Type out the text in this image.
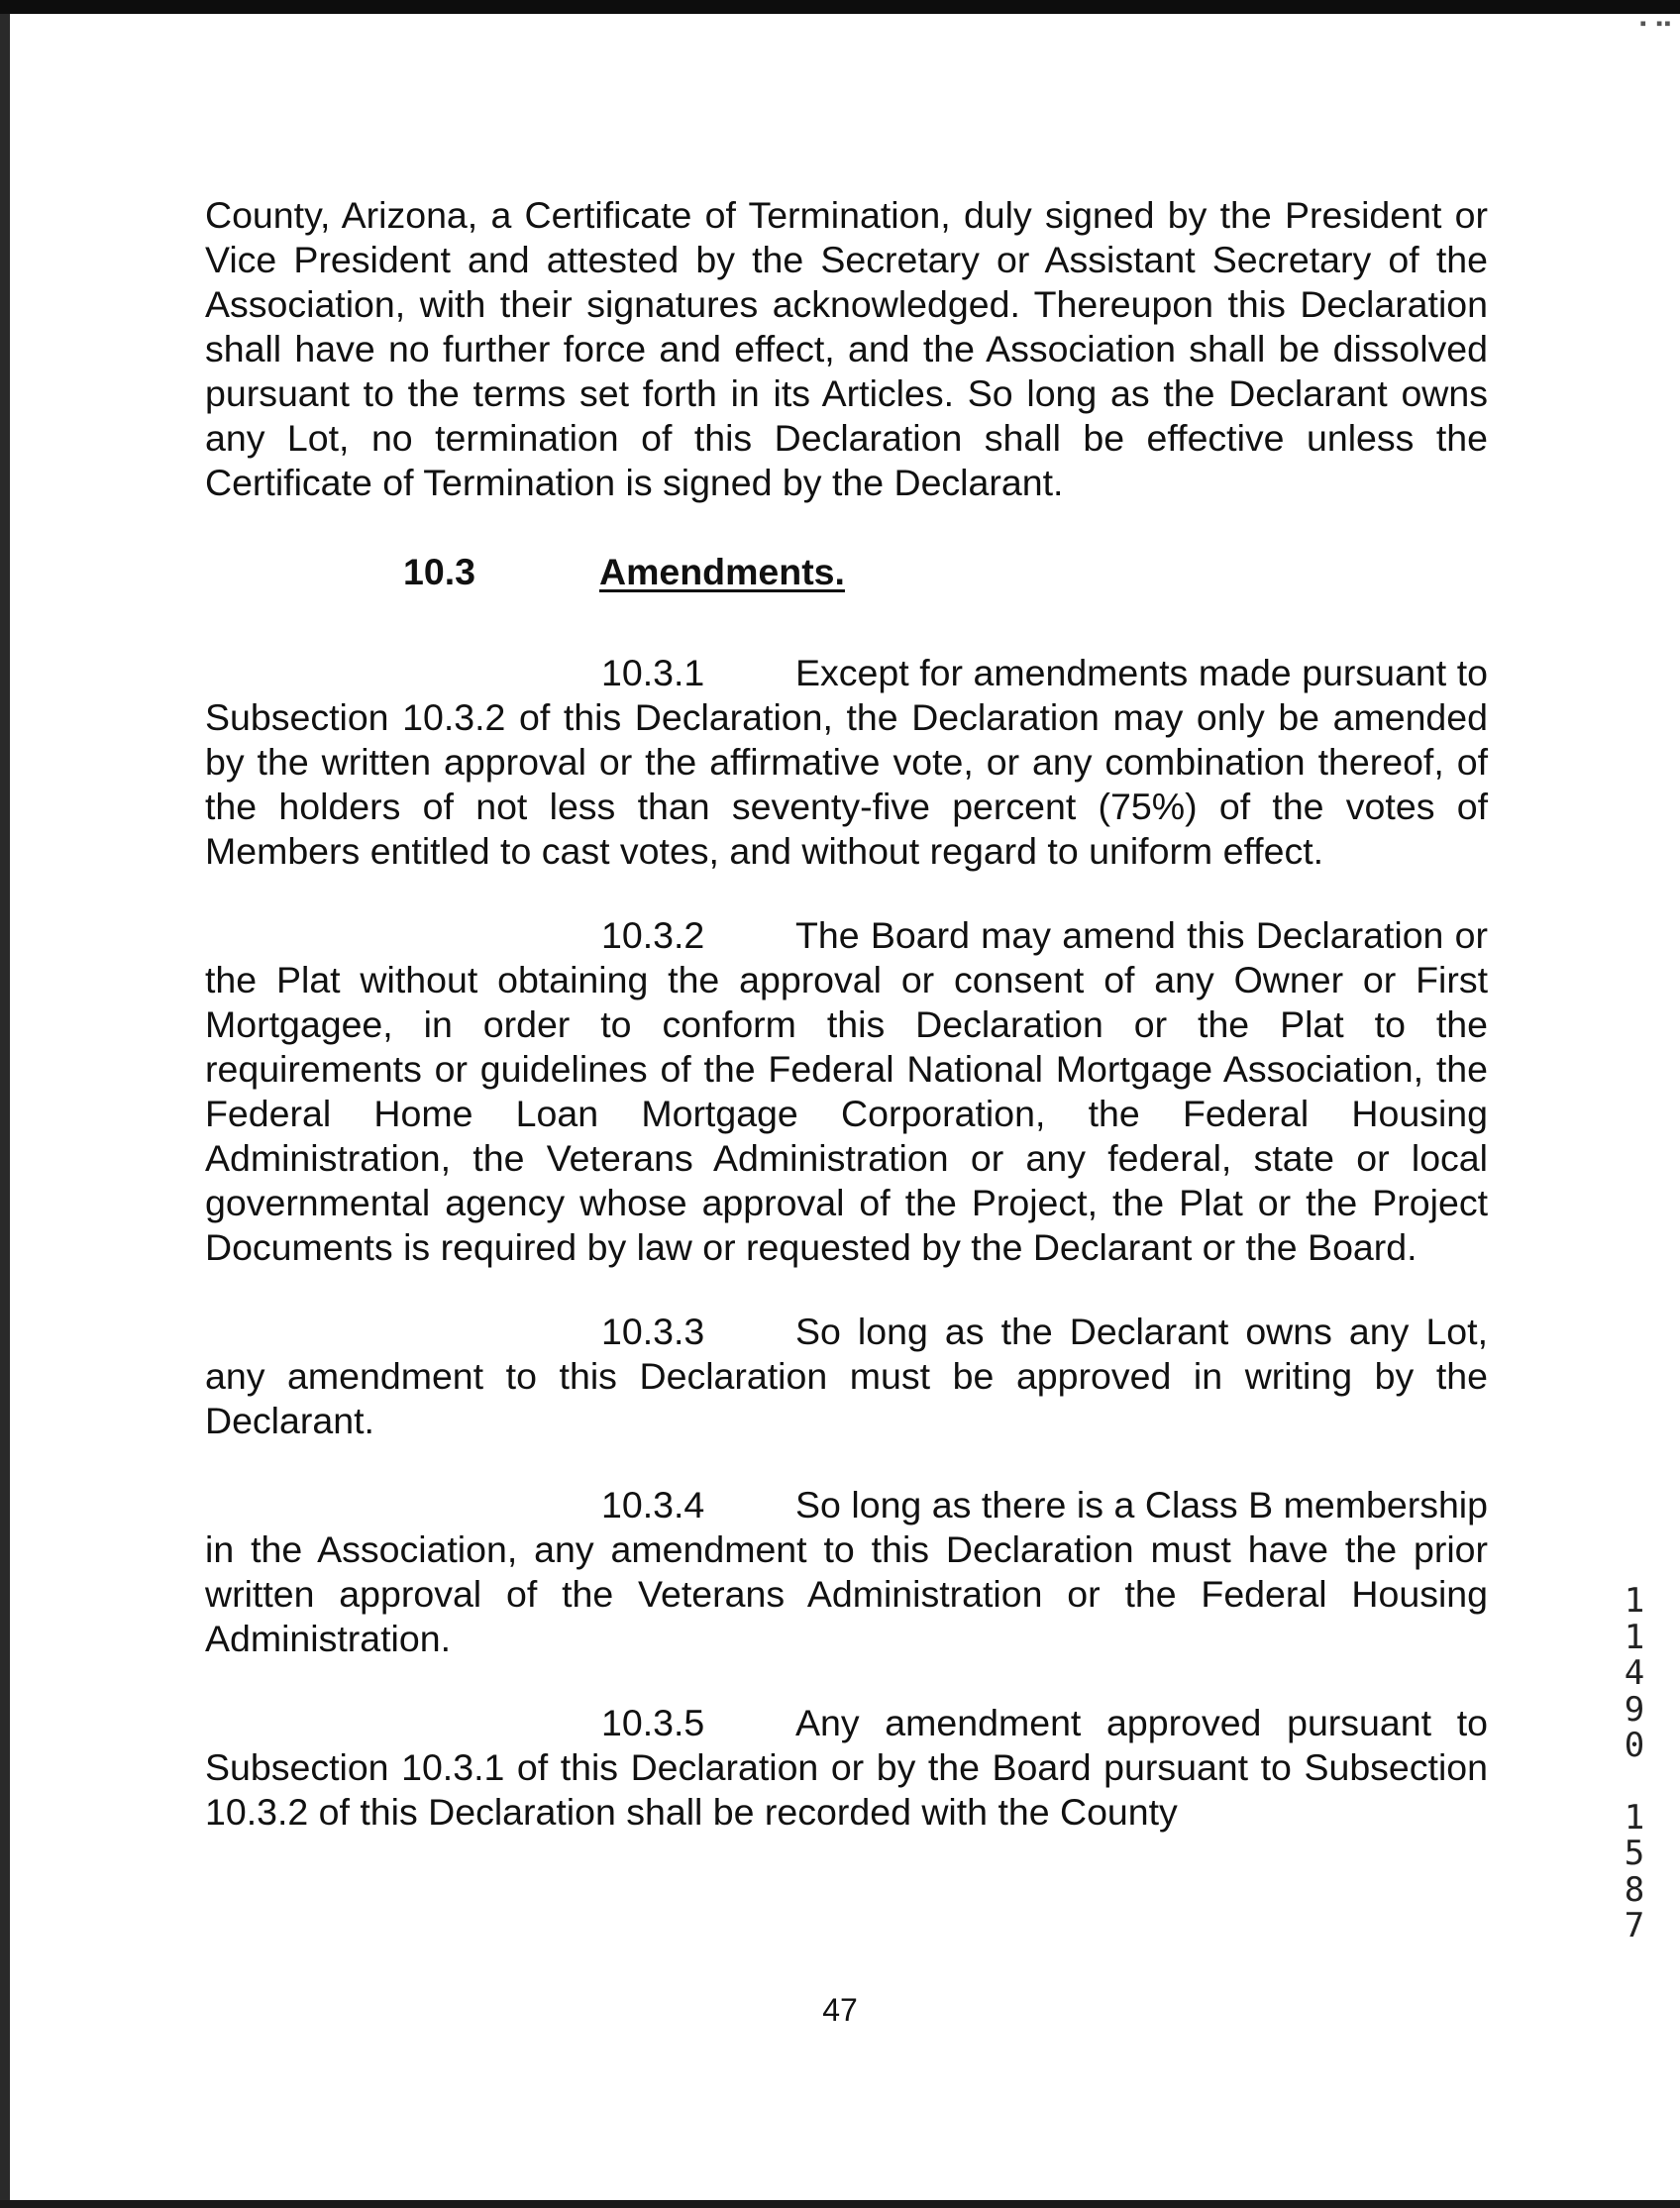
▪ ▪▪

County, Arizona, a Certificate of Termination, duly signed by the President or Vice President and attested by the Secretary or Assistant Secretary of the Association, with their signatures acknowledged. Thereupon this Declaration shall have no further force and effect, and the Association shall be dissolved pursuant to the terms set forth in its Articles. So long as the Declarant owns any Lot, no termination of this Declaration shall be effective unless the Certificate of Termination is signed by the Declarant.

10.3	Amendments.

10.3.1 Except for amendments made pursuant to Subsection 10.3.2 of this Declaration, the Declaration may only be amended by the written approval or the affirmative vote, or any combination thereof, of the holders of not less than seventy-five percent (75%) of the votes of Members entitled to cast votes, and without regard to uniform effect.

10.3.2 The Board may amend this Declaration or the Plat without obtaining the approval or consent of any Owner or First Mortgagee, in order to conform this Declaration or the Plat to the requirements or guidelines of the Federal National Mortgage Association, the Federal Home Loan Mortgage Corporation, the Federal Housing Administration, the Veterans Administration or any federal, state or local governmental agency whose approval of the Project, the Plat or the Project Documents is required by law or requested by the Declarant or the Board.

10.3.3 So long as the Declarant owns any Lot, any amendment to this Declaration must be approved in writing by the Declarant.

10.3.4 So long as there is a Class B membership in the Association, any amendment to this Declaration must have the prior written approval of the Veterans Administration or the Federal Housing Administration.

10.3.5 Any amendment approved pursuant to Subsection 10.3.1 of this Declaration or by the Board pursuant to Subsection 10.3.2 of this Declaration shall be recorded with the County

1
1
4
9
0
1
5
8
7
47
